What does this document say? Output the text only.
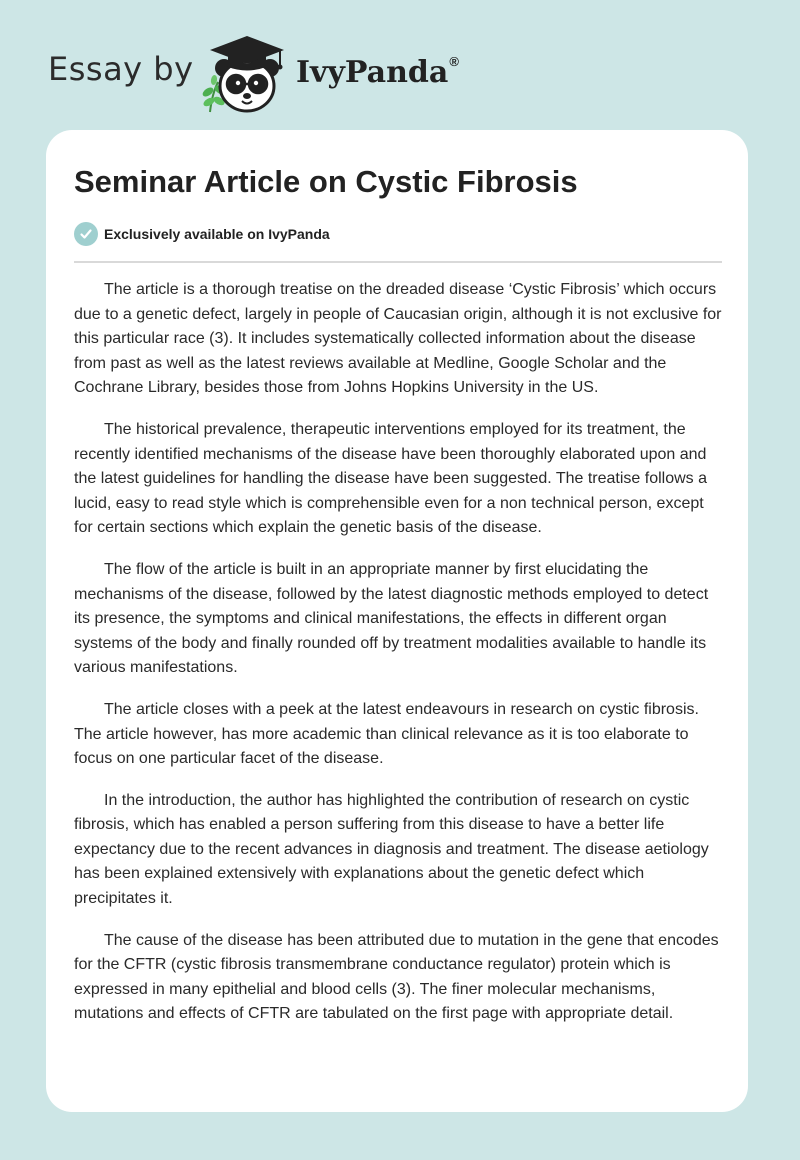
Essay by	IvyPanda®
Seminar Article on Cystic Fibrosis
Exclusively available on IvyPanda

The article is a thorough treatise on the dreaded disease ‘Cystic Fibrosis’ which occurs due to a genetic defect, largely in people of Caucasian origin, although it is not exclusive for this particular race (3). It includes systematically collected information about the disease from past as well as the latest reviews available at Medline, Google Scholar and the Cochrane Library, besides those from Johns Hopkins University in the US.

The historical prevalence, therapeutic interventions employed for its treatment, the recently identified mechanisms of the disease have been thoroughly elaborated upon and the latest guidelines for handling the disease have been suggested. The treatise follows a lucid, easy to read style which is comprehensible even for a non technical person, except for certain sections which explain the genetic basis of the disease.

The flow of the article is built in an appropriate manner by first elucidating the mechanisms of the disease, followed by the latest diagnostic methods employed to detect its presence, the symptoms and clinical manifestations, the effects in different organ systems of the body and finally rounded off by treatment modalities available to handle its various manifestations.

The article closes with a peek at the latest endeavours in research on cystic fibrosis. The article however, has more academic than clinical relevance as it is too elaborate to focus on one particular facet of the disease.

In the introduction, the author has highlighted the contribution of research on cystic fibrosis, which has enabled a person suffering from this disease to have a better life expectancy due to the recent advances in diagnosis and treatment. The disease aetiology has been explained extensively with explanations about the genetic defect which precipitates it.

The cause of the disease has been attributed due to mutation in the gene that encodes for the CFTR (cystic fibrosis transmembrane conductance regulator) protein which is expressed in many epithelial and blood cells (3). The finer molecular mechanisms, mutations and effects of CFTR are tabulated on the first page with appropriate detail.
